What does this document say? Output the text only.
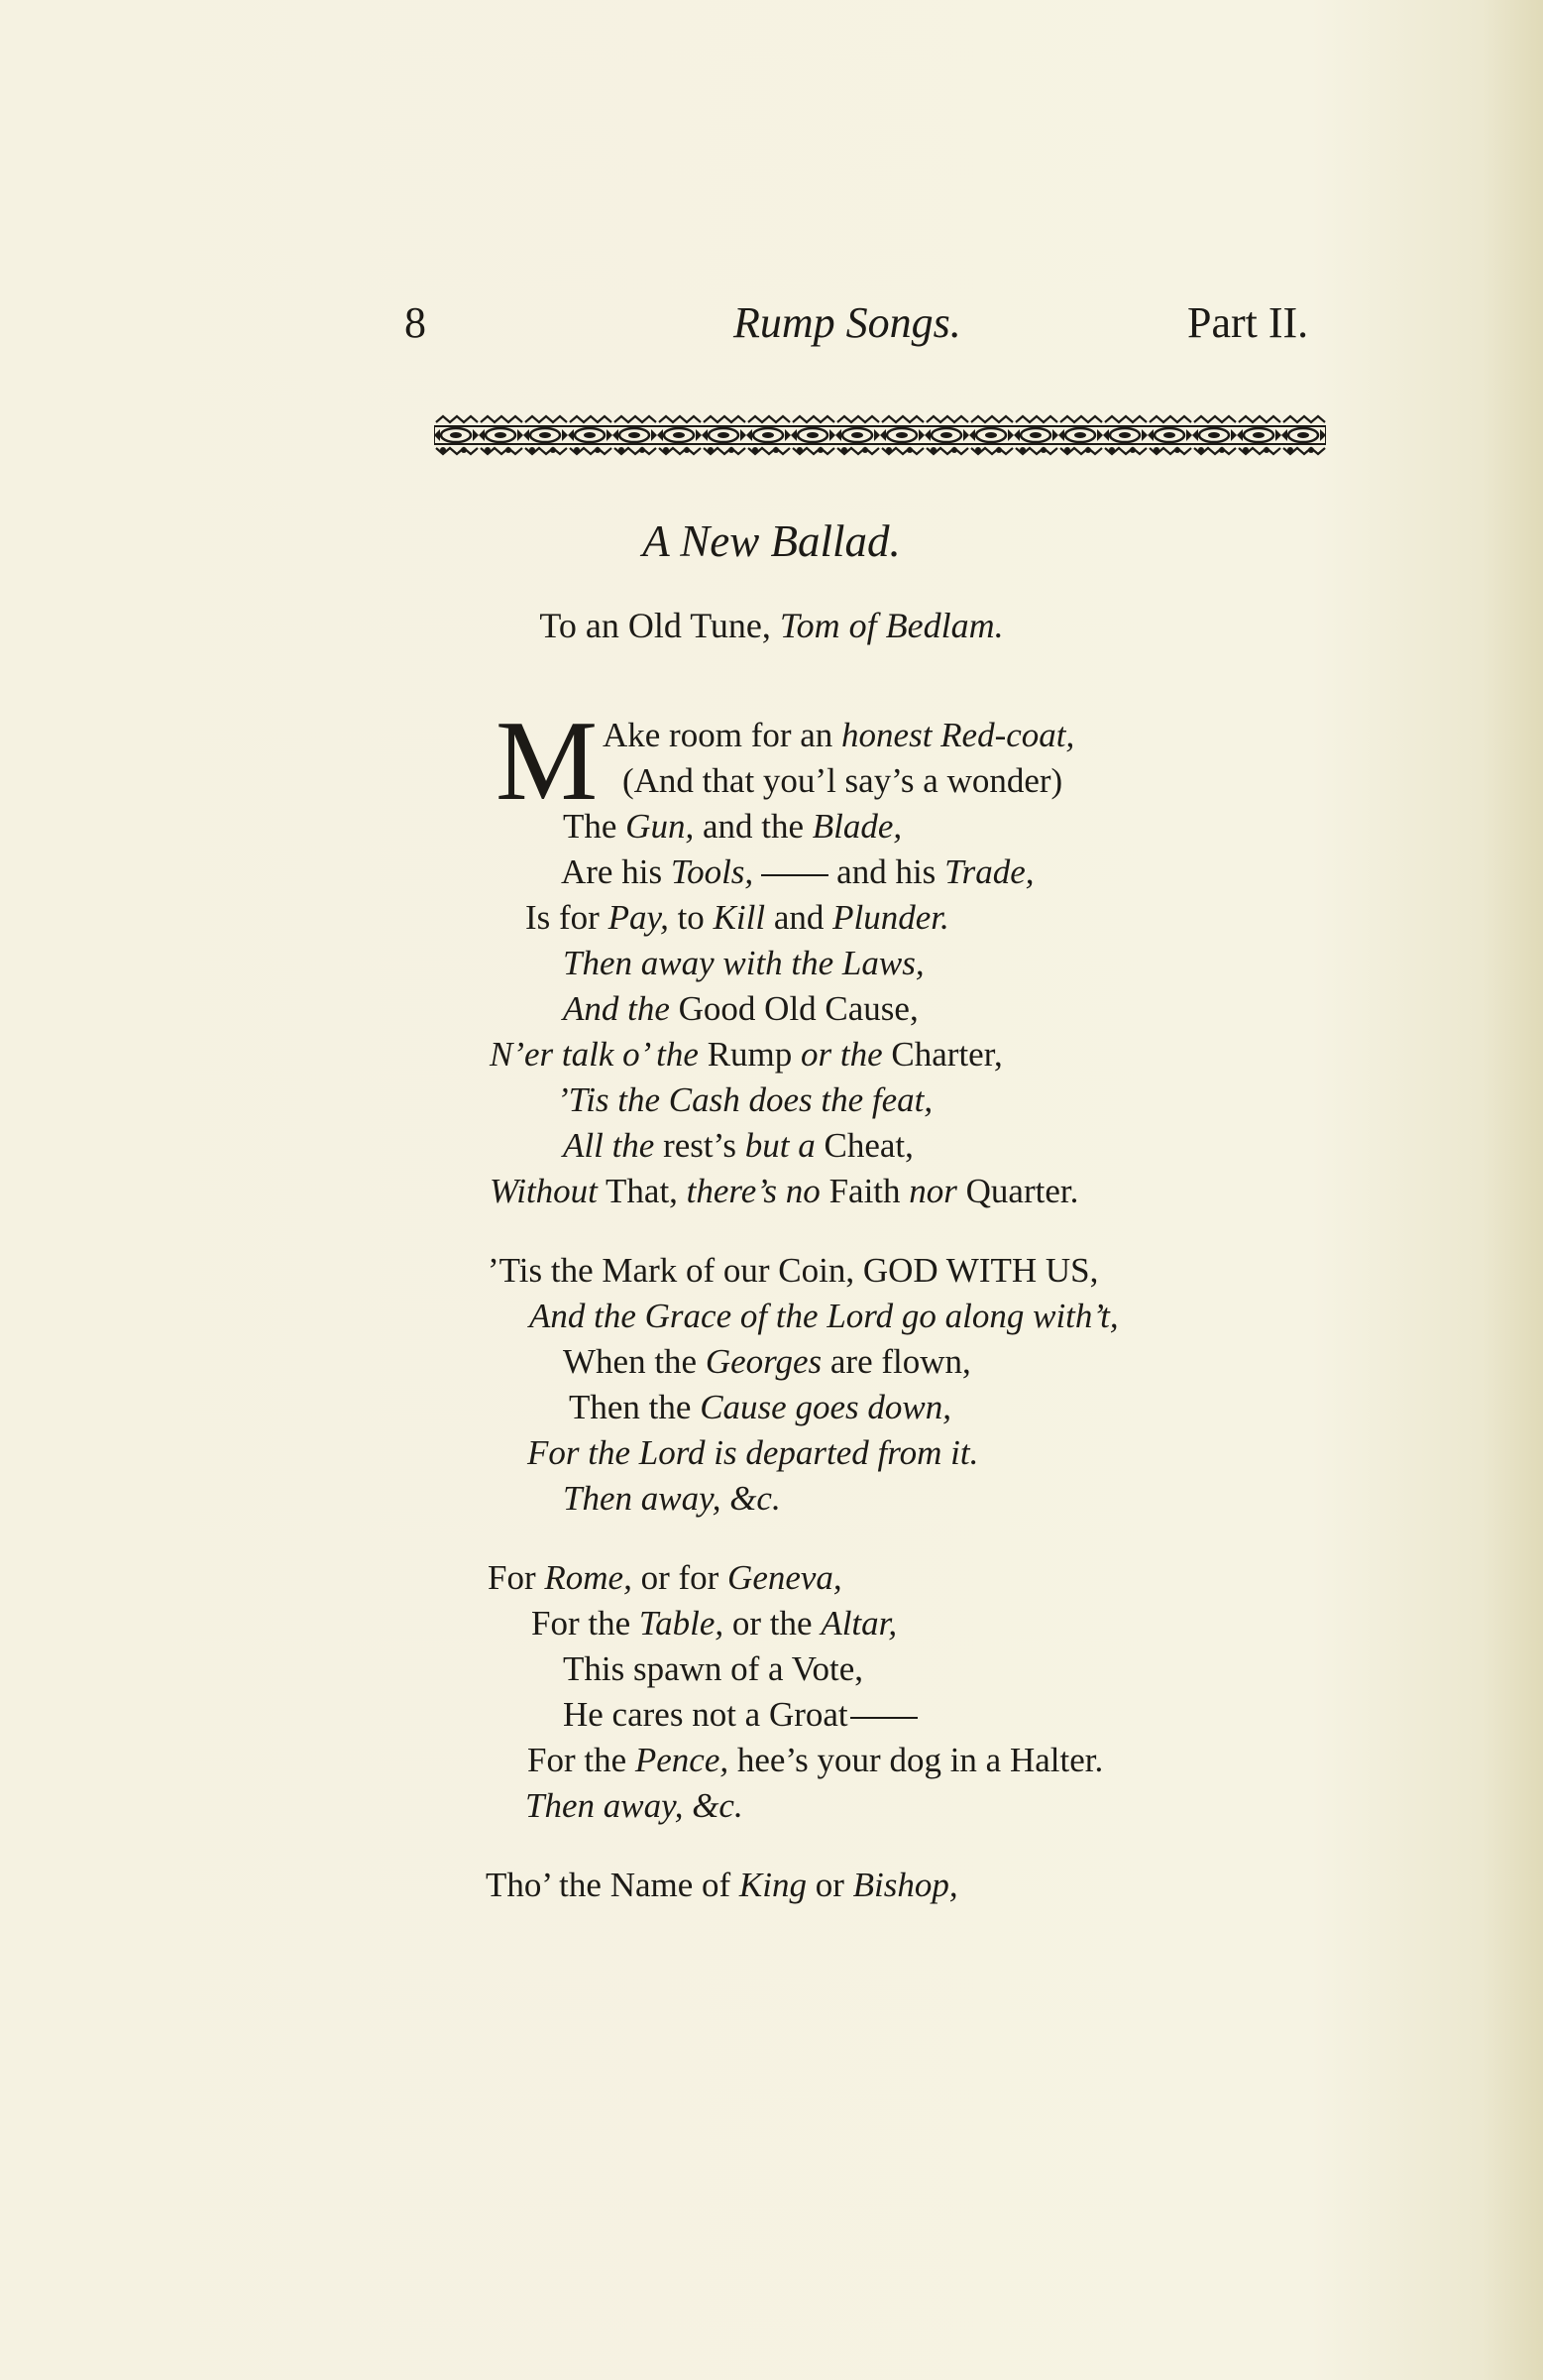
8	Rump Songs.	Part II.
A New Ballad.
To an Old Tune, Tom of Bedlam.
M Ake room for an honest Red-coat,
(And that you’l say’s a wonder)
The Gun, and the Blade,
Are his Tools, and his Trade,
Is for Pay, to Kill and Plunder.
Then away with the Laws,
And the Good Old Cause,
N’er talk o’ the Rump or the Charter,
’Tis the Cash does the feat,
All the rest’s but a Cheat,
Without That, there’s no Faith nor Quarter.
’Tis the Mark of our Coin, GOD WITH US,
And the Grace of the Lord go along with’t,
When the Georges are flown,
Then the Cause goes down,
For the Lord is departed from it.
Then away, &c.
For Rome, or for Geneva,
For the Table, or the Altar,
This spawn of a Vote,
He cares not a Groat
For the Pence, hee’s your dog in a Halter.
Then away, &c.
Tho’ the Name of King or Bishop,
